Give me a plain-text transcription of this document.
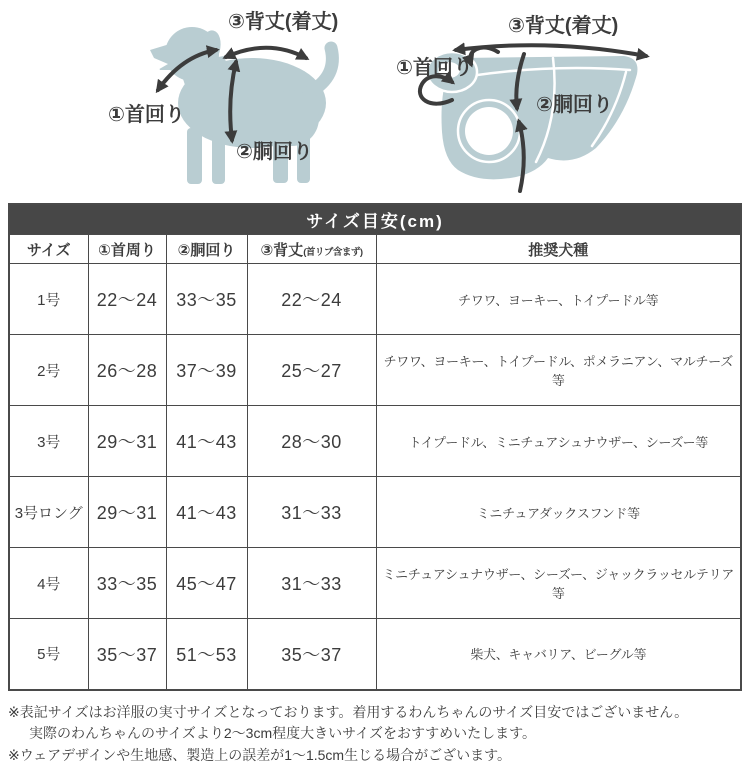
③背丈(着丈)
①首回り
②胴回り
③背丈(着丈)
①首回り
②胴回り
サイズ目安(cm)				
サイズ	①首周り	②胴回り	③背丈(首リブ含まず)	推奨犬種
1号	22〜24	33〜35	22〜24	チワワ、ヨーキー、トイプードル等
2号	26〜28	37〜39	25〜27	チワワ、ヨーキー、トイプードル、ポメラニアン、マルチーズ等
3号	29〜31	41〜43	28〜30	トイプードル、ミニチュアシュナウザー、シーズー等
3号ロング	29〜31	41〜43	31〜33	ミニチュアダックスフンド等
4号	33〜35	45〜47	31〜33	ミニチュアシュナウザー、シーズー、ジャックラッセルテリア等
5号	35〜37	51〜53	35〜37	柴犬、キャバリア、ビーグル等
※表記サイズはお洋服の実寸サイズとなっております。着用するわんちゃんのサイズ目安ではございません。
実際のわんちゃんのサイズより2〜3cm程度大きいサイズをおすすめいたします。
※ウェアデザインや生地感、製造上の誤差が1〜1.5cm生じる場合がございます。
